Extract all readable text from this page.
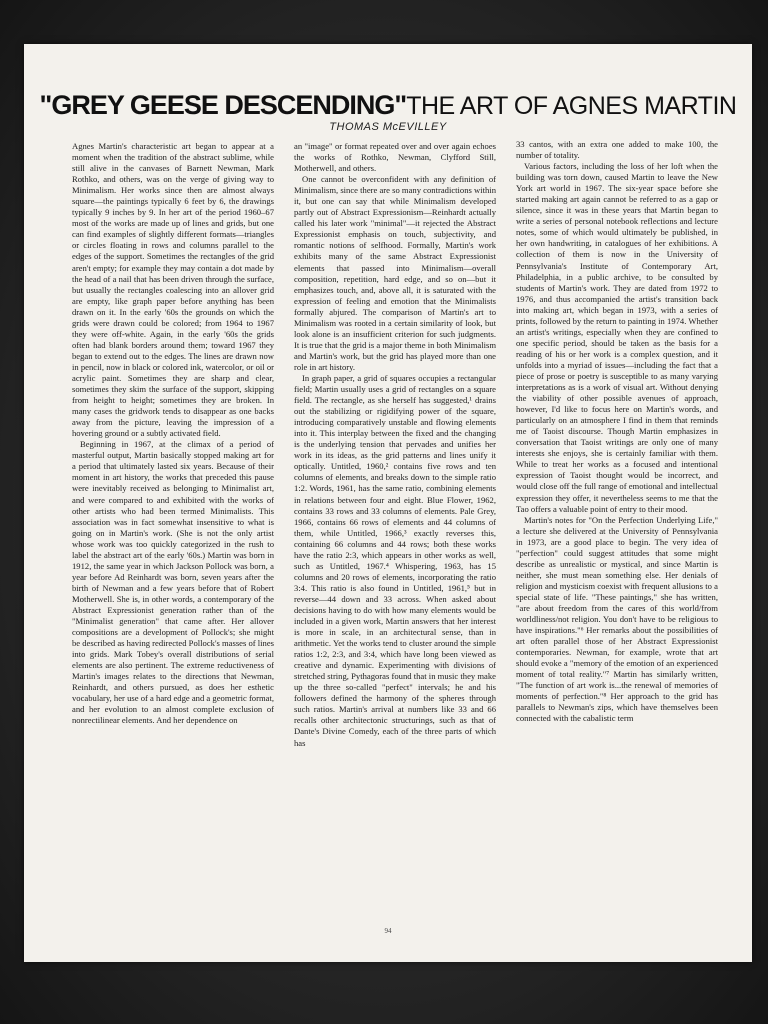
"GREY GEESE DESCENDING"THE ART OF AGNES MARTIN
THOMAS McEVILLEY

Agnes Martin's characteristic art began to appear at a moment when the tradition of the abstract sublime, while still alive in the canvases of Barnett Newman, Mark Rothko, and others, was on the verge of giving way to Minimalism. Her works since then are almost always square—the paintings typically 6 feet by 6, the drawings typically 9 inches by 9. In her art of the period 1960–67 most of the works are made up of lines and grids, but one can find examples of slightly different formats—triangles or circles floating in rows and columns parallel to the edges of the support. Sometimes the rectangles of the grid aren't empty; for example they may contain a dot made by the head of a nail that has been driven through the surface, but usually the rectangles coalescing into an allover grid are empty, like graph paper before anything has been drawn on it. In the early '60s the grounds on which the grids were drawn could be colored; from 1964 to 1967 they were off-white. Again, in the early '60s the grids often had blank borders around them; toward 1967 they began to extend out to the edges. The lines are drawn now in pencil, now in black or colored ink, watercolor, or oil or acrylic paint. Sometimes they are sharp and clear, sometimes they skim the surface of the support, skipping from height to height; sometimes they are broken. In many cases the gridwork tends to disappear as one backs away from the picture, leaving the impression of a hovering ground or a subtly activated field.

Beginning in 1967, at the climax of a period of masterful output, Martin basically stopped making art for a period that ultimately lasted six years. Because of their moment in art history, the works that preceded this pause were inevitably received as belonging to Minimalist art, and were compared to and exhibited with the works of other artists who had been termed Minimalists. This association was in fact somewhat insensitive to what is going on in Martin's work. (She is not the only artist whose work was too quickly categorized in the rush to label the abstract art of the early '60s.) Martin was born in 1912, the same year in which Jackson Pollock was born, a year before Ad Reinhardt was born, seven years after the birth of Newman and a few years before that of Robert Motherwell. She is, in other words, a contemporary of the Abstract Expressionist generation rather than of the "Minimalist generation" that came after. Her allover compositions are a development of Pollock's; she might be described as having redirected Pollock's masses of lines into grids. Mark Tobey's overall distributions of serial elements are also pertinent. The extreme reductiveness of Martin's images relates to the directions that Newman, Reinhardt, and others pursued, as does her esthetic vocabulary, her use of a hard edge and a geometric format, and her evolution to an almost complete exclusion of nonrectilinear elements. And her dependence on

an "image" or format repeated over and over again echoes the works of Rothko, Newman, Clyfford Still, Motherwell, and others.

One cannot be overconfident with any definition of Minimalism, since there are so many contradictions within it, but one can say that while Minimalism developed partly out of Abstract Expressionism—Reinhardt actually called his later work "minimal"—it rejected the Abstract Expressionist emphasis on touch, subjectivity, and romantic notions of selfhood. Formally, Martin's work exhibits many of the same Abstract Expressionist elements that passed into Minimalism—overall composition, repetition, hard edge, and so on—but it emphasizes touch, and, above all, it is saturated with the expression of feeling and emotion that the Minimalists formally abjured. The comparison of Martin's art to Minimalism was rooted in a certain similarity of look, but look alone is an insufficient criterion for such judgments. It is true that the grid is a major theme in both Minimalism and Martin's work, but the grid has played more than one role in art history.

In graph paper, a grid of squares occupies a rectangular field; Martin usually uses a grid of rectangles on a square field. The rectangle, as she herself has suggested,¹ drains out the stabilizing or rigidifying power of the square, introducing comparatively unstable and flowing elements into it. This interplay between the fixed and the changing is the underlying tension that pervades and unifies her work in its ideas, as the grid patterns and lines unify it optically. Untitled, 1960,² contains five rows and ten columns of elements, and breaks down to the simple ratio 1:2. Words, 1961, has the same ratio, combining elements in relations between four and eight. Blue Flower, 1962, contains 33 rows and 33 columns of elements. Pale Grey, 1966, contains 66 rows of elements and 44 columns of them, while Untitled, 1966,³ exactly reverses this, containing 66 columns and 44 rows; both these works have the ratio 2:3, which appears in other works as well, such as Untitled, 1967.⁴ Whispering, 1963, has 15 columns and 20 rows of elements, incorporating the ratio 3:4. This ratio is also found in Untitled, 1961,⁵ but in reverse—44 down and 33 across. When asked about decisions having to do with how many elements would be included in a given work, Martin answers that her interest is more in scale, in an architectural sense, than in arithmetic. Yet the works tend to cluster around the simple ratios 1:2, 2:3, and 3:4, which have long been viewed as creative and dynamic. Experimenting with divisions of stretched string, Pythagoras found that in music they make up the three so-called "perfect" intervals; he and his followers defined the harmony of the spheres through such ratios. Martin's arrival at numbers like 33 and 66 recalls other architectonic structurings, such as that of Dante's Divine Comedy, each of the three parts of which has

33 cantos, with an extra one added to make 100, the number of totality.

Various factors, including the loss of her loft when the building was torn down, caused Martin to leave the New York art world in 1967. The six-year space before she started making art again cannot be referred to as a gap or silence, since it was in these years that Martin began to write a series of personal notebook reflections and lecture notes, some of which would ultimately be published, in her own handwriting, in catalogues of her exhibitions. A collection of them is now in the University of Pennsylvania's Institute of Contemporary Art, Philadelphia, in a public archive, to be consulted by students of Martin's work. They are dated from 1972 to 1976, and thus accompanied the artist's transition back into making art, which began in 1973, with a series of prints, followed by the return to painting in 1974. Whether an artist's writings, especially when they are confined to one specific period, should be taken as the basis for a reading of his or her work is a complex question, and it unfolds into a myriad of issues—including the fact that a piece of prose or poetry is susceptible to as many varying interpretations as is a work of visual art. Without denying the viability of other possible avenues of approach, however, I'd like to focus here on Martin's words, and particularly on an atmosphere I find in them that reminds me of Taoist discourse. Though Martin emphasizes in conversation that Taoist writings are only one of many interests she enjoys, she is certainly familiar with them. While to treat her works as a focused and intentional expression of Taoist thought would be incorrect, and would close off the full range of emotional and intellectual expression they offer, it nevertheless seems to me that the Tao offers a valuable point of entry to their mood.

Martin's notes for "On the Perfection Underlying Life," a lecture she delivered at the University of Pennsylvania in 1973, are a good place to begin. The very idea of "perfection" could suggest attitudes that some might describe as unrealistic or mystical, and since Martin is neither, she must mean something else. Her denials of religion and mysticism coexist with frequent allusions to a special state of life. "These paintings," she has written, "are about freedom from the cares of this world/from worldliness/not religion. You don't have to be religious to have inspirations."⁶ Her remarks about the possibilities of art often parallel those of her Abstract Expressionist contemporaries. Newman, for example, wrote that art should evoke a "memory of the emotion of an experienced moment of total reality."⁷ Martin has similarly written, "The function of art work is...the renewal of memories of moments of perfection."⁸ Her approach to the grid has parallels to Newman's zips, which have themselves been connected with the cabalistic term

94
